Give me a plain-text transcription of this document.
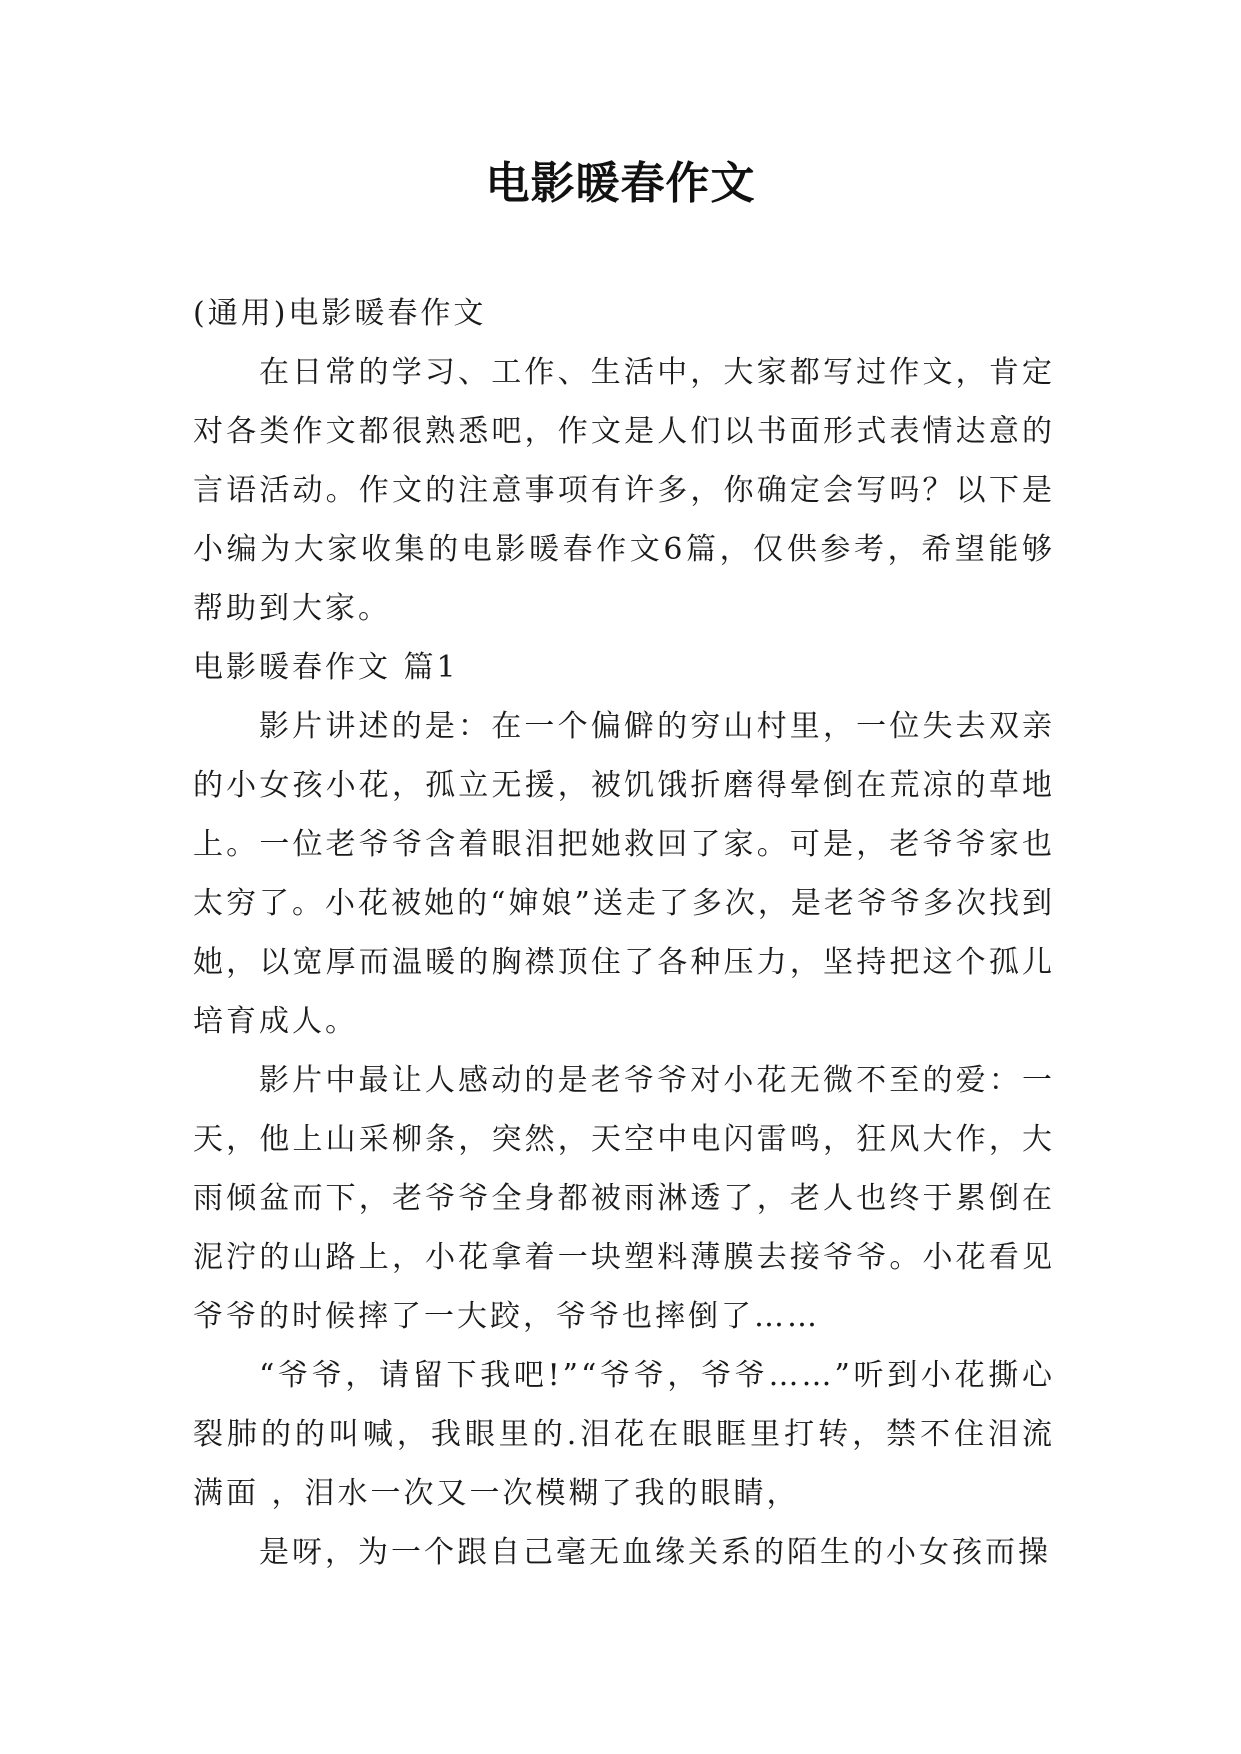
电影暖春作文

(通用)电影暖春作文

在日常的学习、工作、生活中，大家都写过作文，肯定对各类作文都很熟悉吧，作文是人们以书面形式表情达意的言语活动。作文的注意事项有许多，你确定会写吗？以下是小编为大家收集的电影暖春作文6篇，仅供参考，希望能够帮助到大家。

电影暖春作文 篇1

影片讲述的是：在一个偏僻的穷山村里，一位失去双亲的小女孩小花，孤立无援，被饥饿折磨得晕倒在荒凉的草地上。一位老爷爷含着眼泪把她救回了家。可是，老爷爷家也太穷了。小花被她的“婶娘”送走了多次，是老爷爷多次找到她，以宽厚而温暖的胸襟顶住了各种压力，坚持把这个孤儿培育成人。

影片中最让人感动的是老爷爷对小花无微不至的爱：一天，他上山采柳条，突然，天空中电闪雷鸣，狂风大作，大雨倾盆而下，老爷爷全身都被雨淋透了，老人也终于累倒在泥泞的山路上，小花拿着一块塑料薄膜去接爷爷。小花看见爷爷的时候摔了一大跤，爷爷也摔倒了……

“爷爷，请留下我吧!”“爷爷，爷爷……”听到小花撕心裂肺的的叫喊，我眼里的.泪花在眼眶里打转，禁不住泪流满面 ，泪水一次又一次模糊了我的眼睛，

是呀，为一个跟自己毫无血缘关系的陌生的小女孩而操
